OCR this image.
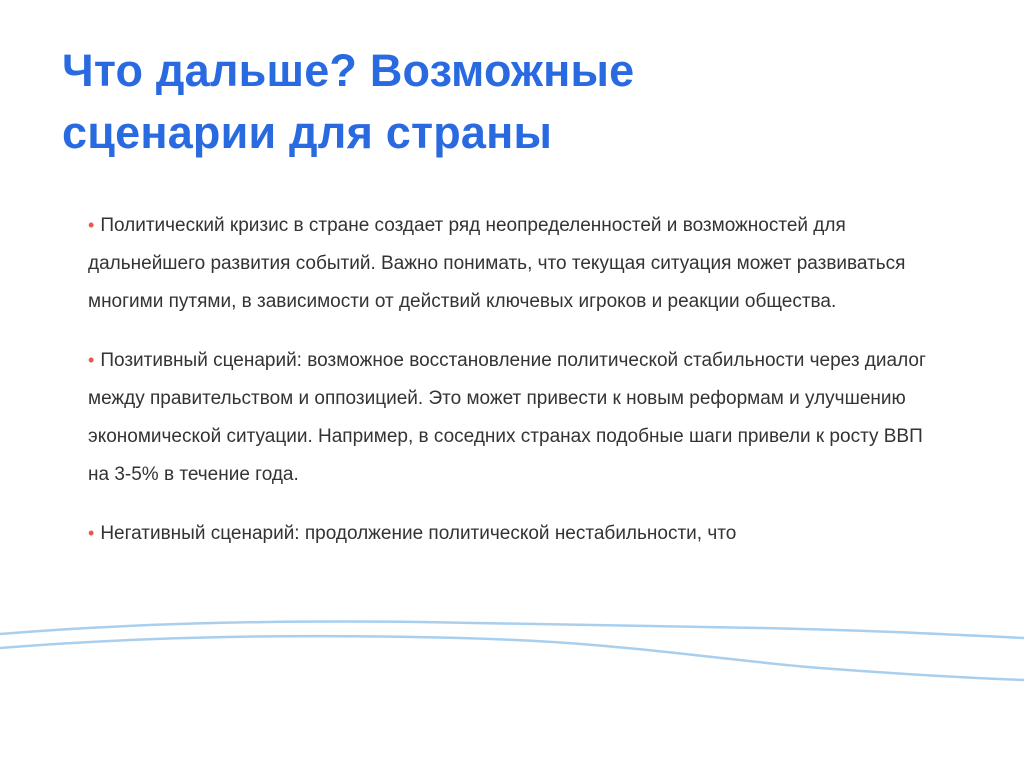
Что дальше? Возможные
сценарии для страны
• Политический кризис в стране создает ряд неопределенностей и возможностей для дальнейшего развития событий. Важно понимать, что текущая ситуация может развиваться многими путями, в зависимости от действий ключевых игроков и реакции общества.
• Позитивный сценарий: возможное восстановление политической стабильности через диалог между правительством и оппозицией. Это может привести к новым реформам и улучшению экономической ситуации. Например, в соседних странах подобные шаги привели к росту ВВП на 3-5% в течение года.
• Негативный сценарий: продолжение политической нестабильности, что
